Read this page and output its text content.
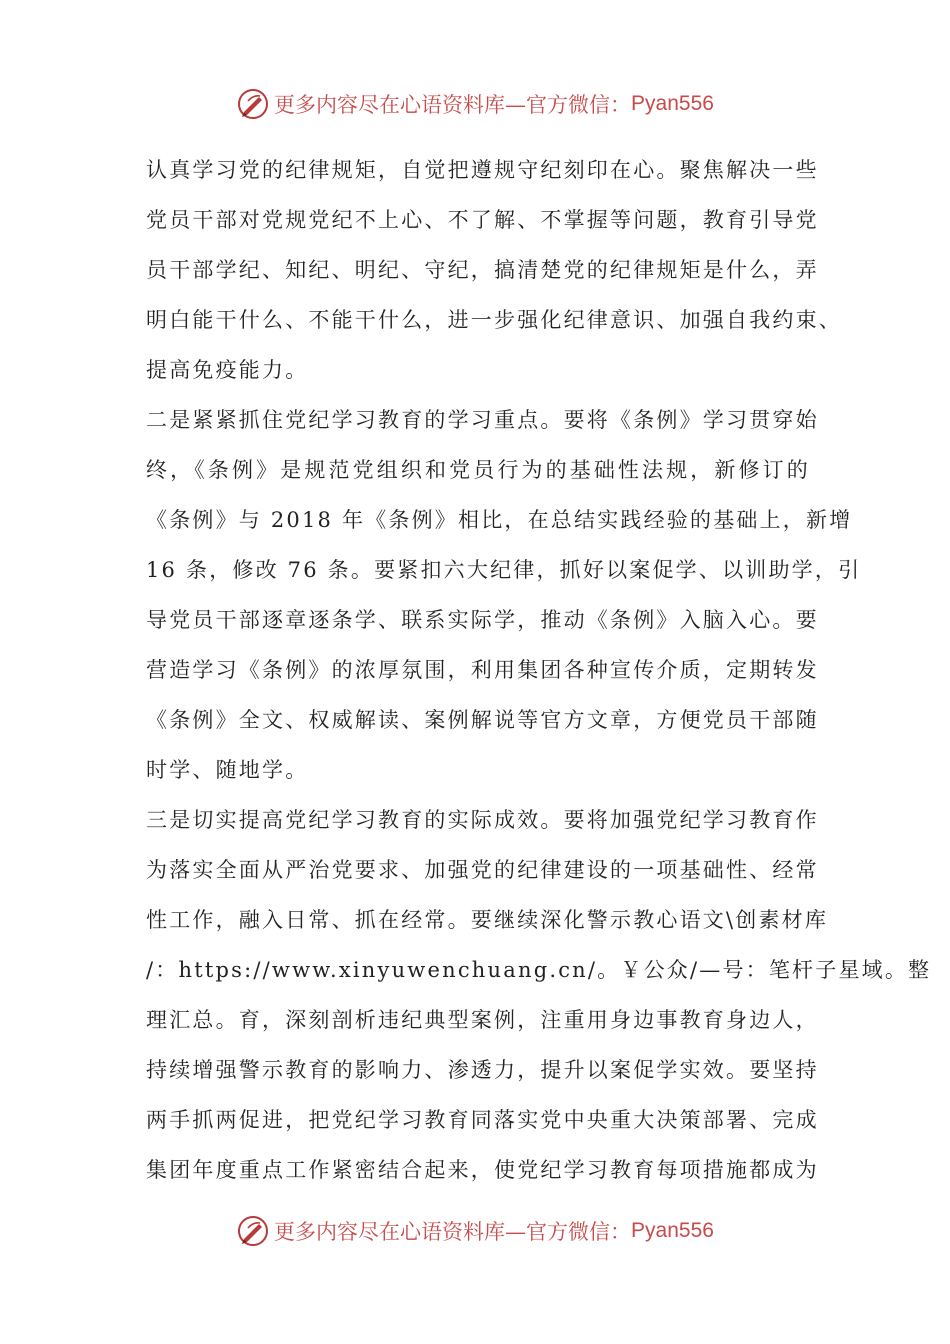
更多内容尽在心语资料库—官方微信： Pyan556
认真学习党的纪律规矩，自觉把遵规守纪刻印在心。聚焦解决一些
党员干部对党规党纪不上心、不了解、不掌握等问题，教育引导党
员干部学纪、知纪、明纪、守纪，搞清楚党的纪律规矩是什么，弄
明白能干什么、不能干什么，进一步强化纪律意识、加强自我约束、
提高免疫能力。
二是紧紧抓住党纪学习教育的学习重点。要将《条例》学习贯穿始
终，《条例》是规范党组织和党员行为的基础性法规，新修订的
《条例》与 2018 年《条例》相比，在总结实践经验的基础上，新增
16 条，修改 76 条。要紧扣六大纪律，抓好以案促学、以训助学，引
导党员干部逐章逐条学、联系实际学，推动《条例》入脑入心。要
营造学习《条例》的浓厚氛围，利用集团各种宣传介质，定期转发
《条例》全文、权威解读、案例解说等官方文章，方便党员干部随
时学、随地学。
三是切实提高党纪学习教育的实际成效。要将加强党纪学习教育作
为落实全面从严治党要求、加强党的纪律建设的一项基础性、经常
性工作，融入日常、抓在经常。要继续深化警示教心语文\创素材库
/：https://www.xinyuwenchuang.cn/。￥公众/—号：笔杆子星域。整
理汇总。育，深刻剖析违纪典型案例，注重用身边事教育身边人，
持续增强警示教育的影响力、渗透力，提升以案促学实效。要坚持
两手抓两促进，把党纪学习教育同落实党中央重大决策部署、完成
集团年度重点工作紧密结合起来，使党纪学习教育每项措施都成为
更多内容尽在心语资料库—官方微信： Pyan556
